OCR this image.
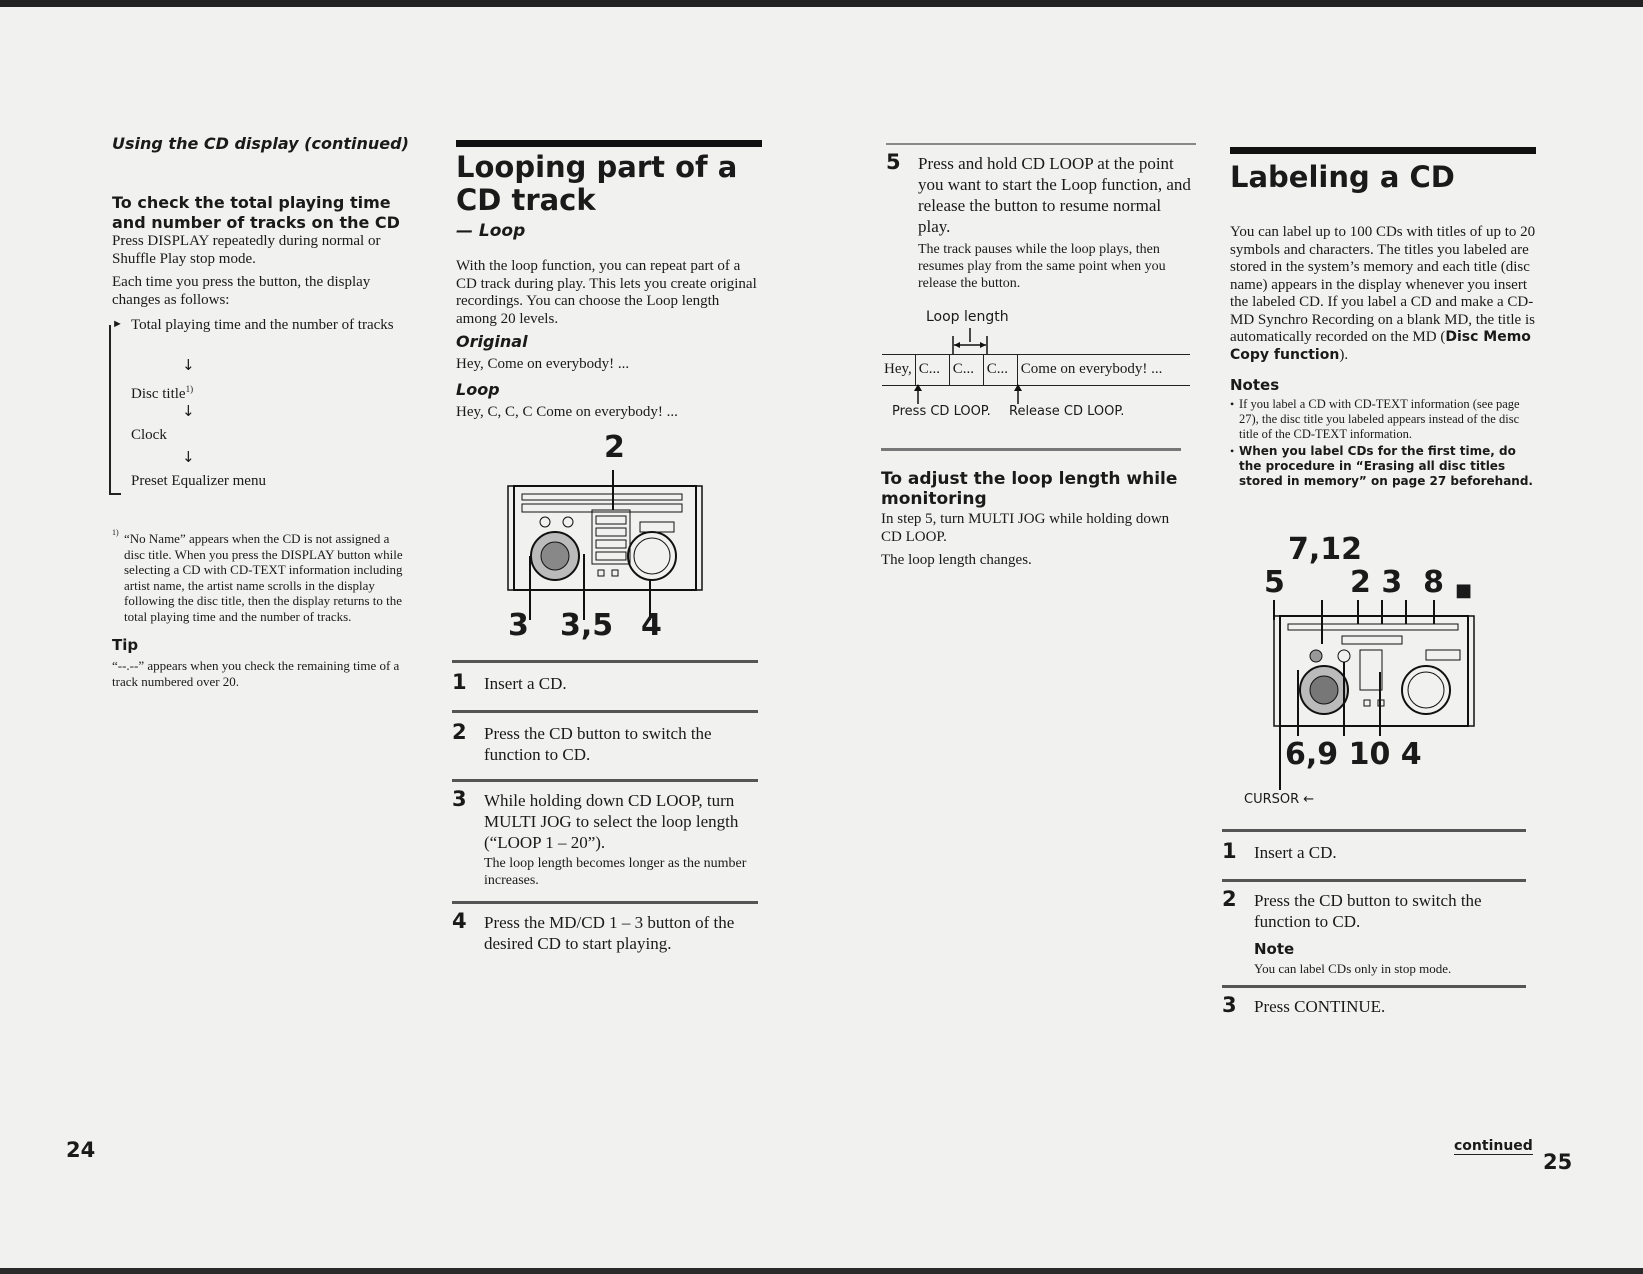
Using the CD display (continued)
To check the total playing time and number of tracks on the CD

Press DISPLAY repeatedly during normal or Shuffle Play stop mode.

Each time you press the button, the display changes as follows:

► Total playing time and the number of tracks
↓
Disc title$^{1)}$
↓
Clock
↓
Preset Equalizer menu
1) “No Name” appears when the CD is not assigned a disc title. When you press the DISPLAY button while selecting a CD with CD-TEXT information including artist name, the artist name scrolls in the display following the disc title, then the display returns to the total playing time and the number of tracks.

Tip

“--.--” appears when you check the remaining time of a track numbered over 20.

24
Looping part of a CD track
— Loop

With the loop function, you can repeat part of a CD track during play. This lets you create original recordings. You can choose the Loop length among 20 levels.

Original

Hey, Come on everybody! ...

Loop

Hey, C, C, C Come on everybody! ...

2
3 3,5 4
1 Insert a CD.

2 Press the CD button to switch the function to CD.

3 While holding down CD LOOP, turn MULTI JOG to select the loop length (“LOOP 1 – 20”).

The loop length becomes longer as the number increases.

4 Press the MD/CD 1 – 3 button of the desired CD to start playing.

5 Press and hold CD LOOP at the point you want to start the Loop function, and release the button to resume normal play.

The track pauses while the loop plays, then resumes play from the same point when you release the button.

Loop length
Hey, C... C... C... Come on everybody! ...
Press CD LOOP. Release CD LOOP.
To adjust the loop length while monitoring

In step 5, turn MULTI JOG while holding down CD LOOP.

The loop length changes.

Labeling a CD

You can label up to 100 CDs with titles of up to 20 symbols and characters. The titles you labeled are stored in the system’s memory and each title (disc name) appears in the display whenever you insert the labeled CD. If you label a CD and make a CD-MD Synchro Recording on a blank MD, the title is automatically recorded on the MD (Disc Memo Copy function).

Notes

• If you label a CD with CD-TEXT information (see page 27), the disc title you labeled appears instead of the disc title of the CD-TEXT information.

• When you label CDs for the first time, do the procedure in “Erasing all disc titles stored in memory” on page 27 beforehand.

7,12
5 2 3  8 ■
6,9 10 4
CURSOR ←
1 Insert a CD.

2 Press the CD button to switch the function to CD.

Note

You can label CDs only in stop mode.

3 Press CONTINUE.

continued
25
